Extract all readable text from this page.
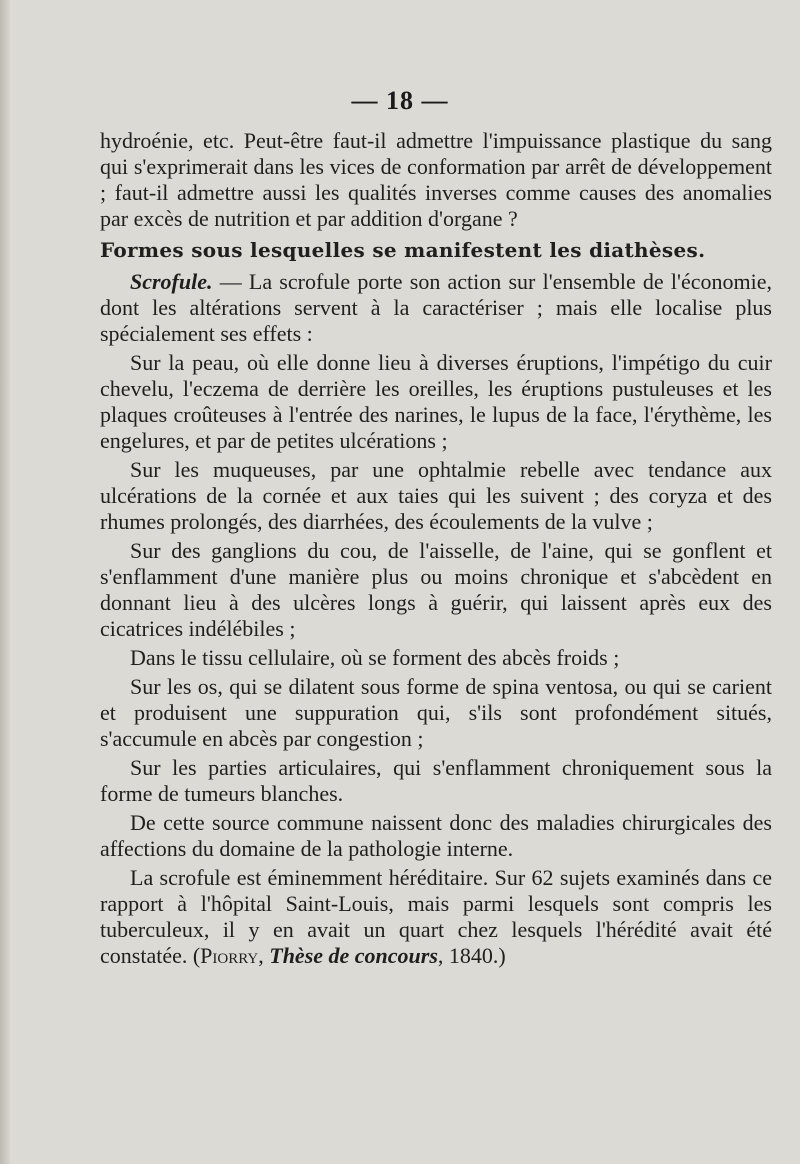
— 18 —

hydroénie, etc. Peut-être faut-il admettre l'impuissance plastique du sang qui s'exprimerait dans les vices de conformation par arrêt de développement ; faut-il admettre aussi les qualités inverses comme causes des anomalies par excès de nutrition et par addition d'organe ?

Formes sous lesquelles se manifestent les diathèses.

Scrofule. — La scrofule porte son action sur l'ensemble de l'économie, dont les altérations servent à la caractériser ; mais elle localise plus spécialement ses effets :

Sur la peau, où elle donne lieu à diverses éruptions, l'impétigo du cuir chevelu, l'eczema de derrière les oreilles, les éruptions pustuleuses et les plaques croûteuses à l'entrée des narines, le lupus de la face, l'érythème, les engelures, et par de petites ulcérations ;

Sur les muqueuses, par une ophtalmie rebelle avec tendance aux ulcérations de la cornée et aux taies qui les suivent ; des coryza et des rhumes prolongés, des diarrhées, des écoulements de la vulve ;

Sur des ganglions du cou, de l'aisselle, de l'aine, qui se gonflent et s'enflamment d'une manière plus ou moins chronique et s'abcèdent en donnant lieu à des ulcères longs à guérir, qui laissent après eux des cicatrices indélébiles ;

Dans le tissu cellulaire, où se forment des abcès froids ;

Sur les os, qui se dilatent sous forme de spina ventosa, ou qui se carient et produisent une suppuration qui, s'ils sont profondément situés, s'accumule en abcès par congestion ;

Sur les parties articulaires, qui s'enflamment chroniquement sous la forme de tumeurs blanches.

De cette source commune naissent donc des maladies chirurgicales des affections du domaine de la pathologie interne.

La scrofule est éminemment héréditaire. Sur 62 sujets examinés dans ce rapport à l'hôpital Saint-Louis, mais parmi lesquels sont compris les tuberculeux, il y en avait un quart chez lesquels l'hérédité avait été constatée. (Piorry, Thèse de concours, 1840.)
